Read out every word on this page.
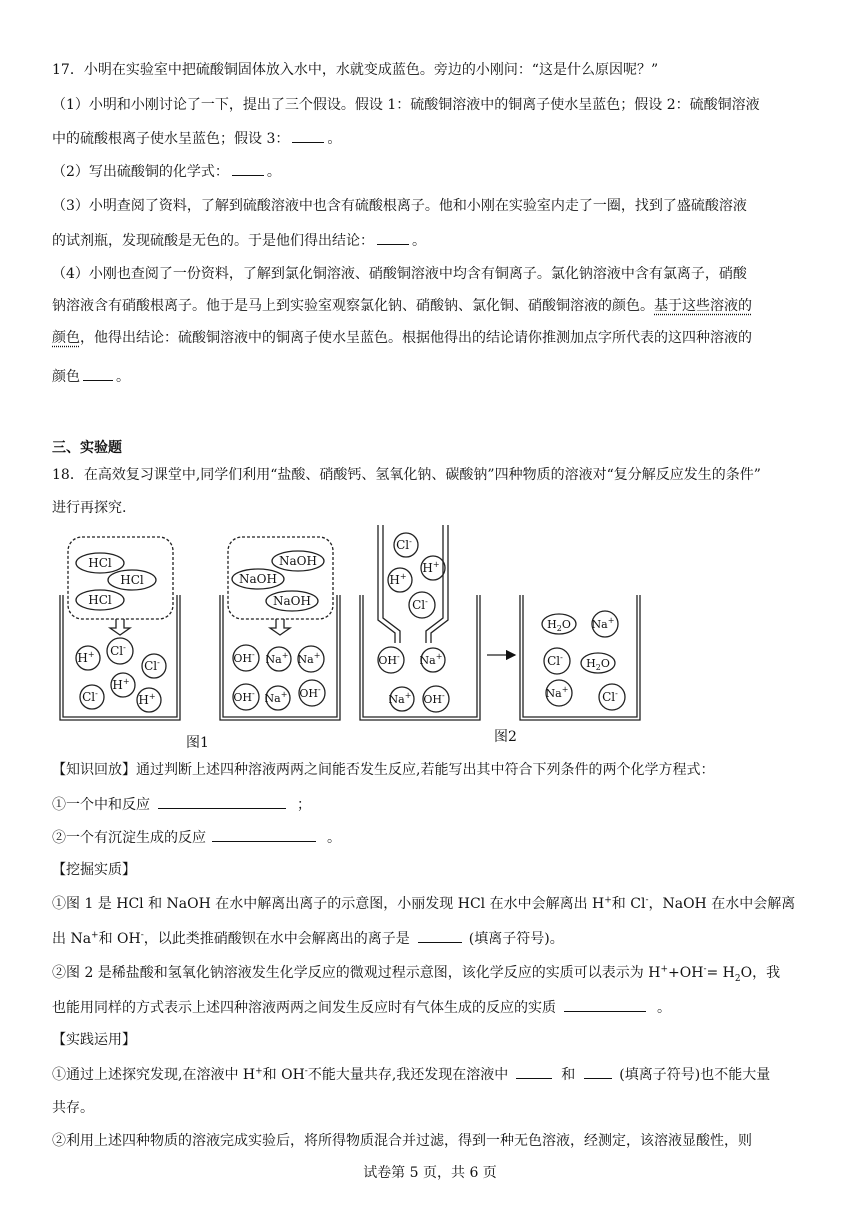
17．小明在实验室中把硫酸铜固体放入水中，水就变成蓝色。旁边的小刚问：“这是什么原因呢？”
（1）小明和小刚讨论了一下，提出了三个假设。假设 1：硫酸铜溶液中的铜离子使水呈蓝色；假设 2：硫酸铜溶液
中的硫酸根离子使水呈蓝色；假设 3：	。
（2）写出硫酸铜的化学式：	。
（3）小明查阅了资料，了解到硫酸溶液中也含有硫酸根离子。他和小刚在实验室内走了一圈，找到了盛硫酸溶液
的试剂瓶，发现硫酸是无色的。于是他们得出结论：	。
（4）小刚也查阅了一份资料，了解到氯化铜溶液、硝酸铜溶液中均含有铜离子。氯化钠溶液中含有氯离子，硝酸
钠溶液含有硝酸根离子。他于是马上到实验室观察氯化钠、硝酸钠、氯化铜、硝酸铜溶液的颜色。基于这些溶液的
颜色，他得出结论：硫酸铜溶液中的铜离子使水呈蓝色。根据他得出的结论请你推测加点字所代表的这四种溶液的
颜色	。
三、实验题
18．在高效复习课堂中,同学们利用“盐酸、硝酸钙、氢氧化钠、碳酸钠”四种物质的溶液对“复分解反应发生的条件”
进行再探究.
HCl
HCl
HCl
NaOH
NaOH
NaOH
H+ Cl-
Cl-
Cl-
H+
H+
OH- Na+ Na+
OH- Na+ OH-
Cl-
H+
H+
Cl-
OH- Na+
Na+ OH-
$H_2O$ Na+
Cl- $H_2O$
Na+
Cl-
图1	图2
【知识回放】通过判断上述四种溶液两两之间能否发生反应,若能写出其中符合下列条件的两个化学方程式：
①一个中和反应	；
②一个有沉淀生成的反应	。
【挖掘实质】
①图 1 是 HCl 和 NaOH 在水中解离出离子的示意图，小丽发现 HCl 在水中会解离出 H+和 Cl-，NaOH 在水中会解离
出 Na+和 OH-，以此类推硝酸钡在水中会解离出的离子是	(填离子符号)。
②图 2 是稀盐酸和氢氧化钠溶液发生化学反应的微观过程示意图，该化学反应的实质可以表示为 $H^++OH^-= H_2O$，我
也能用同样的方式表示上述四种溶液两两之间发生反应时有气体生成的反应的实质	。
【实践运用】
①通过上述探究发现,在溶液中 H+和 OH-不能大量共存,我还发现在溶液中	和	(填离子符号)也不能大量
共存。
②利用上述四种物质的溶液完成实验后，将所得物质混合并过滤，得到一种无色溶液，经测定，该溶液显酸性，则
试卷第 5 页，共 6 页
